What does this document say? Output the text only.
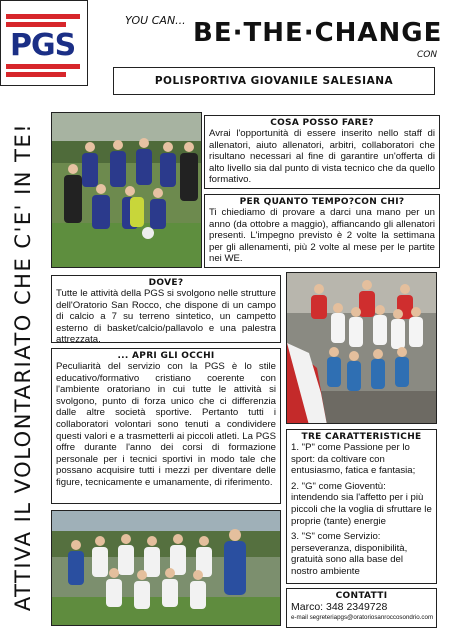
PGS
YOU CAN... BE·THE·CHANGE
CON
POLISPORTIVA GIOVANILE SALESIANA
ATTIVA IL VOLONTARIATO CHE C'E' IN TE!	COSA POSSO FARE?
Avrai l'opportunità di essere inserito nello staff di allenatori, aiuto allenatori, arbitri, collaboratori che risultano necessari al fine di garantire un'offerta di alto livello sia dal punto di vista tecnico che da quello formativo.
PER QUANTO TEMPO?CON CHI?
Ti chiediamo di provare a darci una mano per un anno (da ottobre a maggio), affiancando gli allenatori presenti. L'impegno previsto è 2 volte la settimana per gli allenamenti, più 2 volte al mese per le partite nei WE.
DOVE?
Tutte le attività della PGS si svolgono nelle strutture dell'Oratorio San Rocco, che dispone di un campo di calcio a 7 su terreno sintetico, un campetto esterno di basket/calcio/pallavolo e una palestra attrezzata.
... APRI GLI OCCHI
Peculiarità del servizio con la PGS è lo stile educativo/formativo cristiano coerente con l'ambiente oratoriano in cui tutte le attività si svolgono, punto di forza unico che ci differenzia dalle altre società sportive. Pertanto tutti i collaboratori volontari sono tenuti a condividere questi valori e a trasmetterli ai piccoli atleti. La PGS offre durante l'anno dei corsi di formazione personale per i tecnici sportivi in modo tale che possano acquisire tutti i mezzi per diventare delle figure, tecnicamente e umanamente, di riferimento.
TRE CARATTERISTICHE

1. "P" come Passione per lo sport: da coltivare con entusiasmo, fatica e fantasia;

2. "G" come Gioventù: intendendo sia l'affetto per i più piccoli che la voglia di sfruttare le proprie (tante) energie

3. "S" come Servizio: perseveranza, disponibilità, gratuità sono alla base del nostro ambiente

CONTATTI
Marco: 348 2349728
e-mail segreteriapgs@oratoriosanroccosondrio.com
